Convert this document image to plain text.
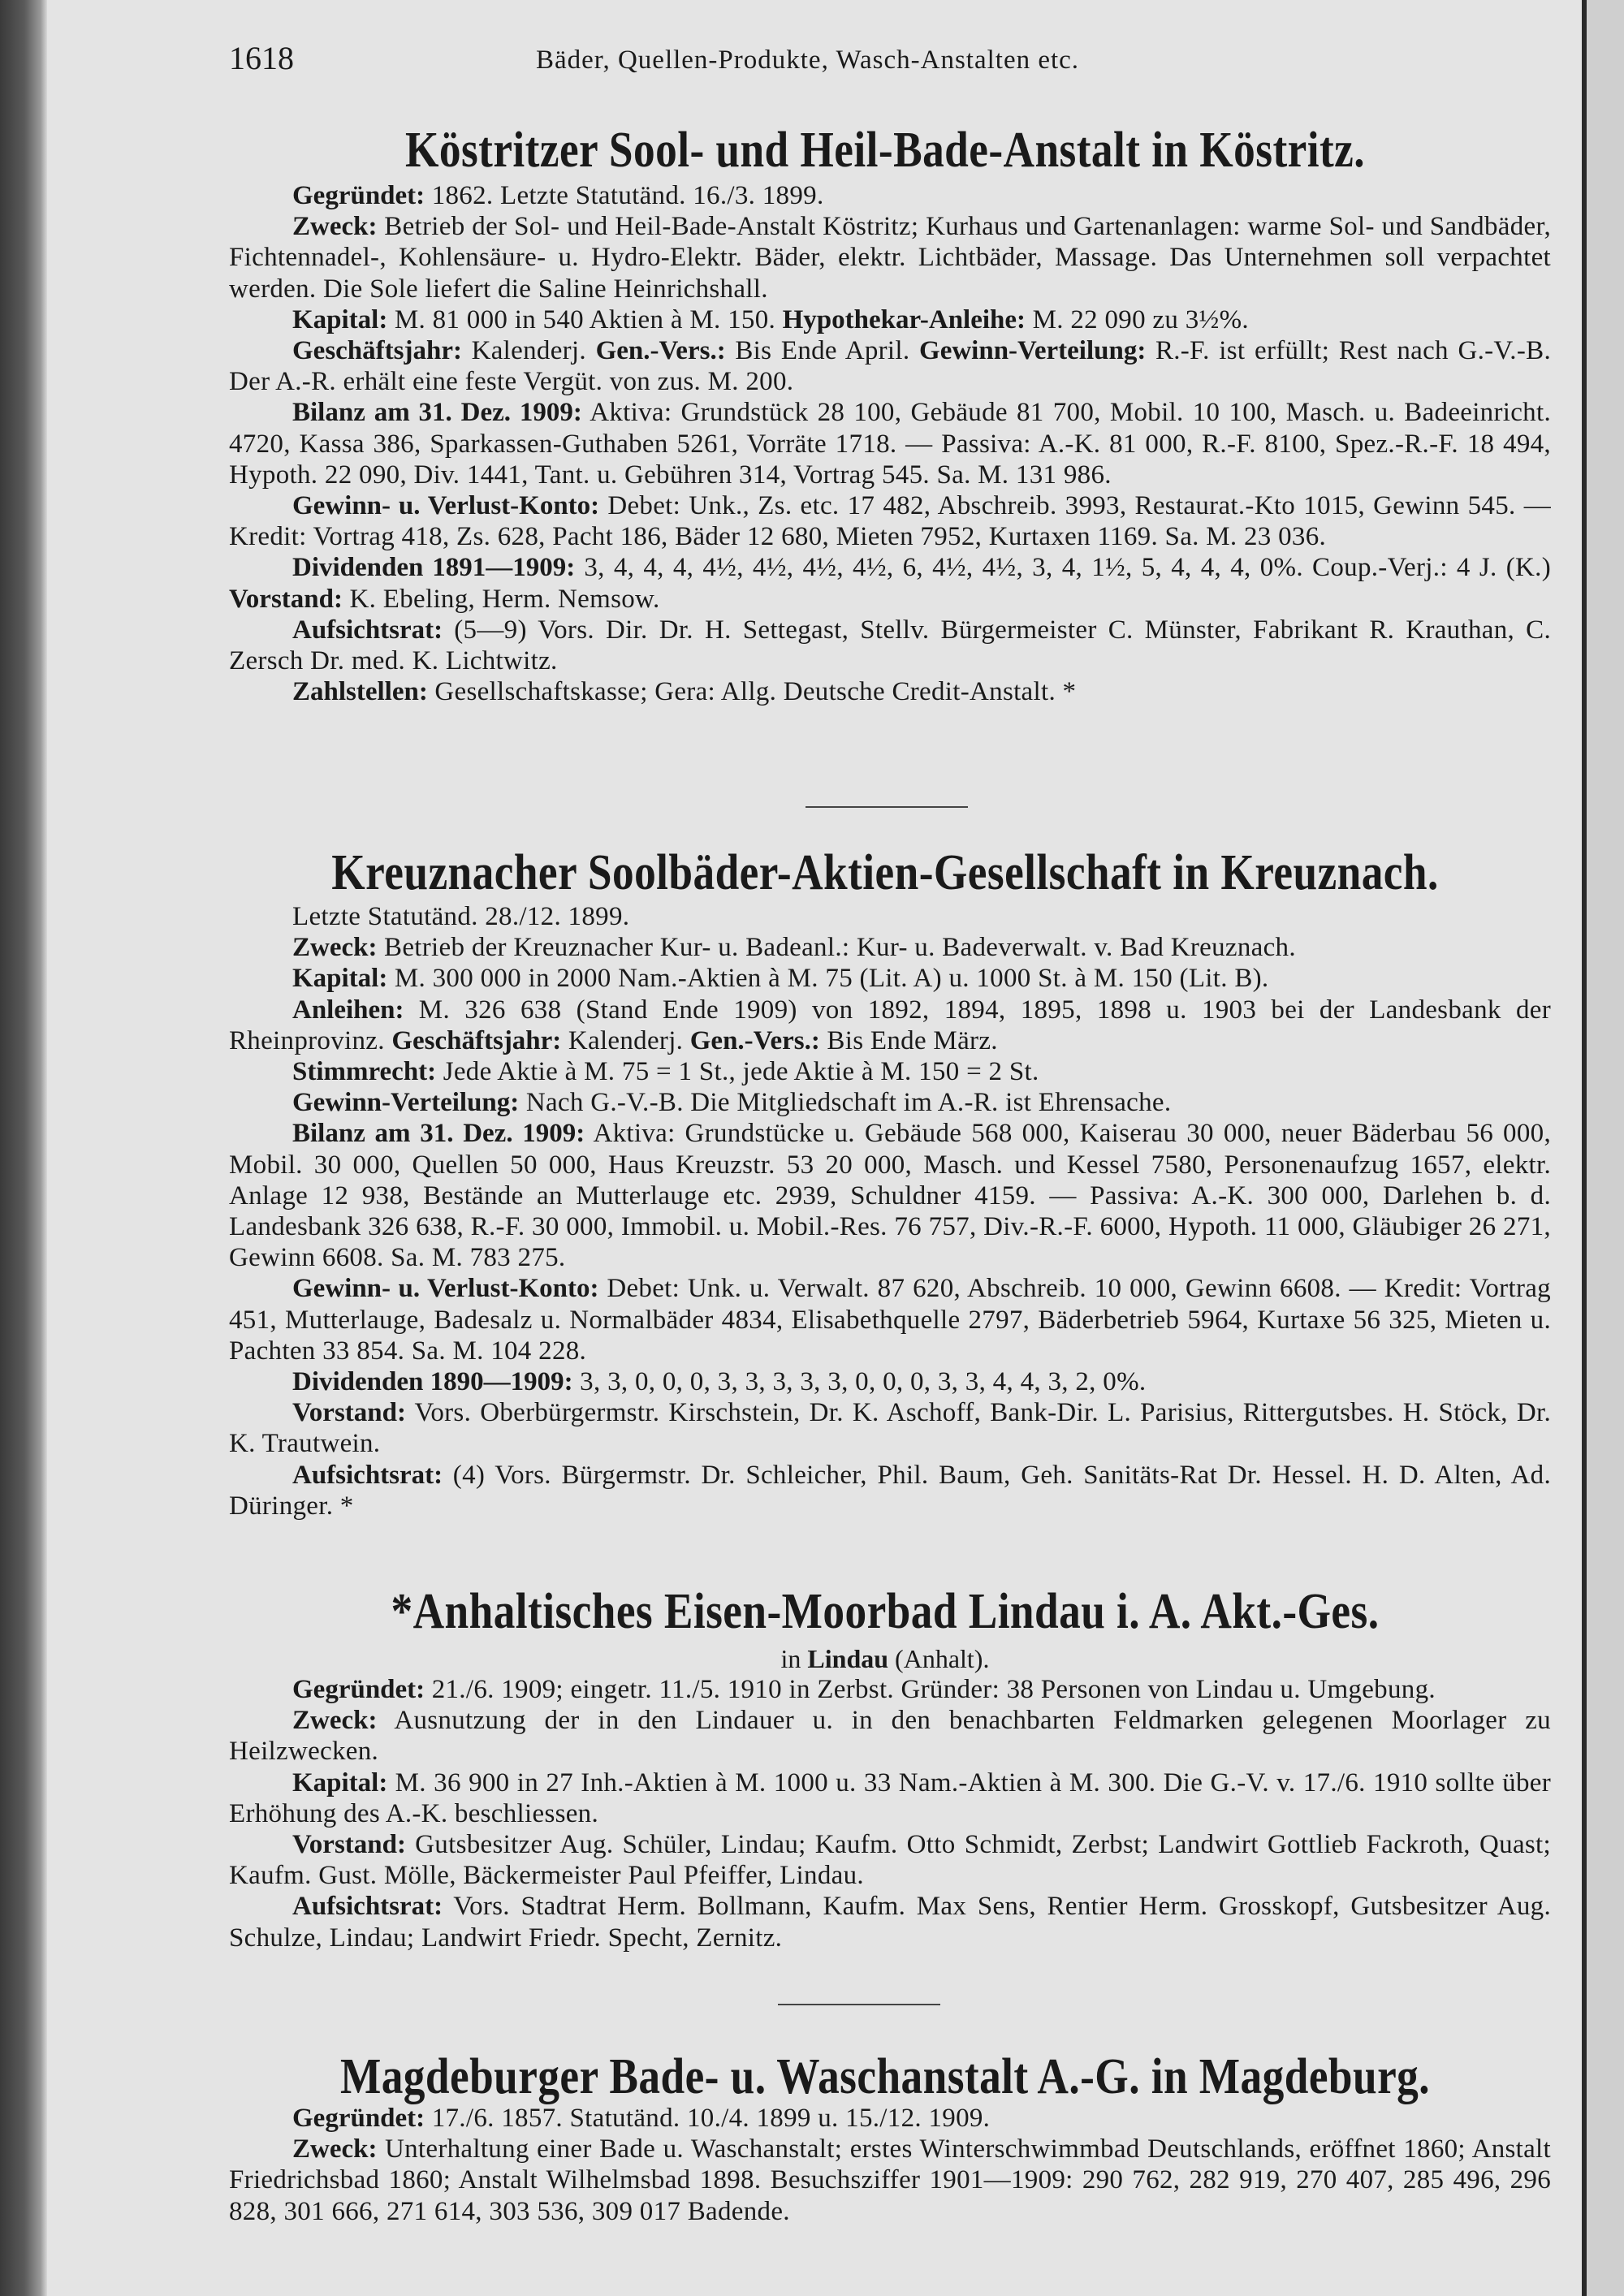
1618	Bäder, Quellen-Produkte, Wasch-Anstalten etc.
Köstritzer Sool- und Heil-Bade-Anstalt in Köstritz.

Gegründet: 1862. Letzte Statutänd. 16./3. 1899.

Zweck: Betrieb der Sol- und Heil-Bade-Anstalt Köstritz; Kurhaus und Gartenanlagen: warme Sol- und Sandbäder, Fichtennadel-, Kohlensäure- u. Hydro-Elektr. Bäder, elektr. Lichtbäder, Massage. Das Unternehmen soll verpachtet werden. Die Sole liefert die Saline Heinrichshall.

Kapital: M. 81 000 in 540 Aktien à M. 150. Hypothekar-Anleihe: M. 22 090 zu 3½%.

Geschäftsjahr: Kalenderj. Gen.-Vers.: Bis Ende April. Gewinn-Verteilung: R.-F. ist erfüllt; Rest nach G.-V.-B. Der A.-R. erhält eine feste Vergüt. von zus. M. 200.

Bilanz am 31. Dez. 1909: Aktiva: Grundstück 28 100, Gebäude 81 700, Mobil. 10 100, Masch. u. Badeeinricht. 4720, Kassa 386, Sparkassen-Guthaben 5261, Vorräte 1718. — Passiva: A.-K. 81 000, R.-F. 8100, Spez.-R.-F. 18 494, Hypoth. 22 090, Div. 1441, Tant. u. Gebühren 314, Vortrag 545. Sa. M. 131 986.

Gewinn- u. Verlust-Konto: Debet: Unk., Zs. etc. 17 482, Abschreib. 3993, Restaurat.-Kto 1015, Gewinn 545. — Kredit: Vortrag 418, Zs. 628, Pacht 186, Bäder 12 680, Mieten 7952, Kurtaxen 1169. Sa. M. 23 036.

Dividenden 1891—1909: 3, 4, 4, 4, 4½, 4½, 4½, 4½, 6, 4½, 4½, 3, 4, 1½, 5, 4, 4, 4, 0%. Coup.-Verj.: 4 J. (K.) Vorstand: K. Ebeling, Herm. Nemsow.

Aufsichtsrat: (5—9) Vors. Dir. Dr. H. Settegast, Stellv. Bürgermeister C. Münster, Fabrikant R. Krauthan, C. Zersch Dr. med. K. Lichtwitz.

Zahlstellen: Gesellschaftskasse; Gera: Allg. Deutsche Credit-Anstalt. *

Kreuznacher Soolbäder-Aktien-Gesellschaft in Kreuznach.

Letzte Statutänd. 28./12. 1899.

Zweck: Betrieb der Kreuznacher Kur- u. Badeanl.: Kur- u. Badeverwalt. v. Bad Kreuznach.

Kapital: M. 300 000 in 2000 Nam.-Aktien à M. 75 (Lit. A) u. 1000 St. à M. 150 (Lit. B).

Anleihen: M. 326 638 (Stand Ende 1909) von 1892, 1894, 1895, 1898 u. 1903 bei der Landesbank der Rheinprovinz. Geschäftsjahr: Kalenderj. Gen.-Vers.: Bis Ende März.

Stimmrecht: Jede Aktie à M. 75 = 1 St., jede Aktie à M. 150 = 2 St.

Gewinn-Verteilung: Nach G.-V.-B. Die Mitgliedschaft im A.-R. ist Ehrensache.

Bilanz am 31. Dez. 1909: Aktiva: Grundstücke u. Gebäude 568 000, Kaiserau 30 000, neuer Bäderbau 56 000, Mobil. 30 000, Quellen 50 000, Haus Kreuzstr. 53 20 000, Masch. und Kessel 7580, Personenaufzug 1657, elektr. Anlage 12 938, Bestände an Mutterlauge etc. 2939, Schuldner 4159. — Passiva: A.-K. 300 000, Darlehen b. d. Landesbank 326 638, R.-F. 30 000, Immobil. u. Mobil.-Res. 76 757, Div.-R.-F. 6000, Hypoth. 11 000, Gläubiger 26 271, Gewinn 6608. Sa. M. 783 275.

Gewinn- u. Verlust-Konto: Debet: Unk. u. Verwalt. 87 620, Abschreib. 10 000, Gewinn 6608. — Kredit: Vortrag 451, Mutterlauge, Badesalz u. Normalbäder 4834, Elisabethquelle 2797, Bäderbetrieb 5964, Kurtaxe 56 325, Mieten u. Pachten 33 854. Sa. M. 104 228.

Dividenden 1890—1909: 3, 3, 0, 0, 0, 3, 3, 3, 3, 3, 0, 0, 0, 3, 3, 4, 4, 3, 2, 0%.

Vorstand: Vors. Oberbürgermstr. Kirschstein, Dr. K. Aschoff, Bank-Dir. L. Parisius, Rittergutsbes. H. Stöck, Dr. K. Trautwein.

Aufsichtsrat: (4) Vors. Bürgermstr. Dr. Schleicher, Phil. Baum, Geh. Sanitäts-Rat Dr. Hessel. H. D. Alten, Ad. Düringer. *

*Anhaltisches Eisen-Moorbad Lindau i. A. Akt.-Ges.
in Lindau (Anhalt).

Gegründet: 21./6. 1909; eingetr. 11./5. 1910 in Zerbst. Gründer: 38 Personen von Lindau u. Umgebung.

Zweck: Ausnutzung der in den Lindauer u. in den benachbarten Feldmarken gelegenen Moorlager zu Heilzwecken.

Kapital: M. 36 900 in 27 Inh.-Aktien à M. 1000 u. 33 Nam.-Aktien à M. 300. Die G.-V. v. 17./6. 1910 sollte über Erhöhung des A.-K. beschliessen.

Vorstand: Gutsbesitzer Aug. Schüler, Lindau; Kaufm. Otto Schmidt, Zerbst; Landwirt Gottlieb Fackroth, Quast; Kaufm. Gust. Mölle, Bäckermeister Paul Pfeiffer, Lindau.

Aufsichtsrat: Vors. Stadtrat Herm. Bollmann, Kaufm. Max Sens, Rentier Herm. Grosskopf, Gutsbesitzer Aug. Schulze, Lindau; Landwirt Friedr. Specht, Zernitz.

Magdeburger Bade- u. Waschanstalt A.-G. in Magdeburg.

Gegründet: 17./6. 1857. Statutänd. 10./4. 1899 u. 15./12. 1909.

Zweck: Unterhaltung einer Bade u. Waschanstalt; erstes Winterschwimmbad Deutschlands, eröffnet 1860; Anstalt Friedrichsbad 1860; Anstalt Wilhelmsbad 1898. Besuchsziffer 1901—1909: 290 762, 282 919, 270 407, 285 496, 296 828, 301 666, 271 614, 303 536, 309 017 Badende.
